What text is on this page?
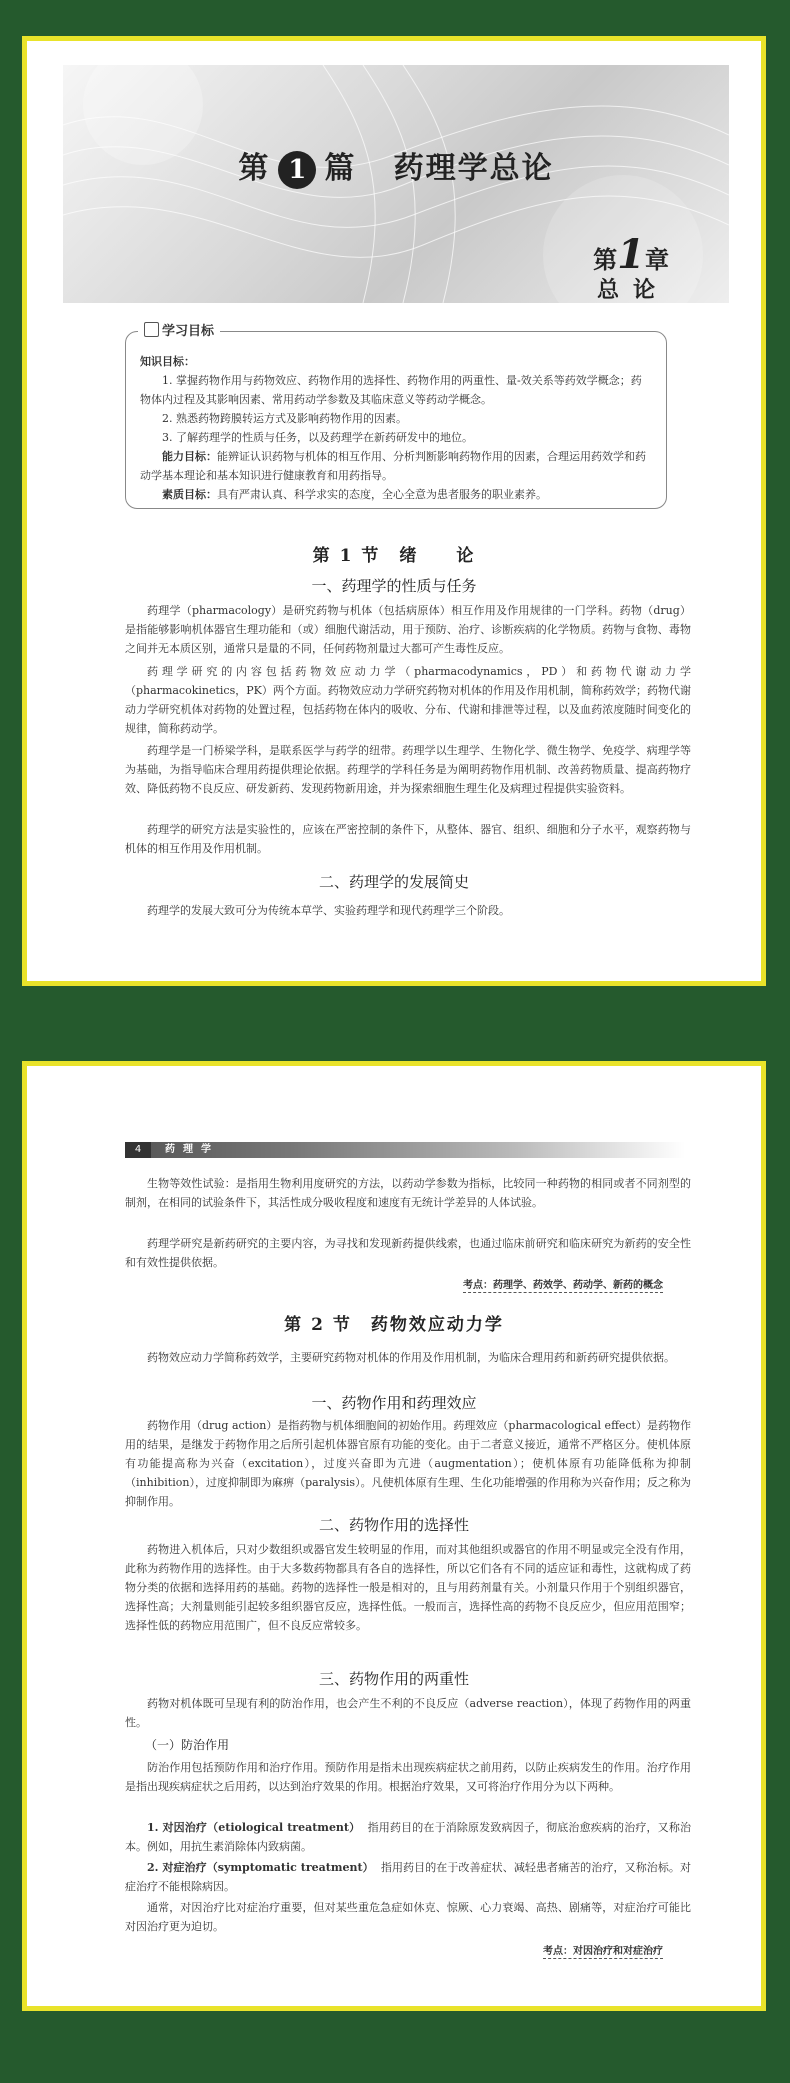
第 1 篇 药理学总论
第1章
总论
学习目标

知识目标：

1. 掌握药物作用与药物效应、药物作用的选择性、药物作用的两重性、量-效关系等药效学概念；药物体内过程及其影响因素、常用药动学参数及其临床意义等药动学概念。

2. 熟悉药物跨膜转运方式及影响药物作用的因素。

3. 了解药理学的性质与任务，以及药理学在新药研发中的地位。

能力目标：能辨证认识药物与机体的相互作用、分析判断影响药物作用的因素，合理运用药效学和药动学基本理论和基本知识进行健康教育和用药指导。

素质目标：具有严肃认真、科学求实的态度，全心全意为患者服务的职业素养。

第 1 节　绪　　论
一、药理学的性质与任务

药理学（pharmacology）是研究药物与机体（包括病原体）相互作用及作用规律的一门学科。药物（drug）是指能够影响机体器官生理功能和（或）细胞代谢活动，用于预防、治疗、诊断疾病的化学物质。药物与食物、毒物之间并无本质区别，通常只是量的不同，任何药物剂量过大都可产生毒性反应。

药理学研究的内容包括药物效应动力学（pharmacodynamics，PD）和药物代谢动力学（pharmacokinetics，PK）两个方面。药物效应动力学研究药物对机体的作用及作用机制，简称药效学；药物代谢动力学研究机体对药物的处置过程，包括药物在体内的吸收、分布、代谢和排泄等过程，以及血药浓度随时间变化的规律，简称药动学。

药理学是一门桥梁学科，是联系医学与药学的纽带。药理学以生理学、生物化学、微生物学、免疫学、病理学等为基础，为指导临床合理用药提供理论依据。药理学的学科任务是为阐明药物作用机制、改善药物质量、提高药物疗效、降低药物不良反应、研发新药、发现药物新用途，并为探索细胞生理生化及病理过程提供实验资料。

药理学的研究方法是实验性的，应该在严密控制的条件下，从整体、器官、组织、细胞和分子水平，观察药物与机体的相互作用及作用机制。

二、药理学的发展简史

药理学的发展大致可分为传统本草学、实验药理学和现代药理学三个阶段。

4	药理学

生物等效性试验：是指用生物利用度研究的方法，以药动学参数为指标，比较同一种药物的相同或者不同剂型的制剂，在相同的试验条件下，其活性成分吸收程度和速度有无统计学差异的人体试验。

药理学研究是新药研究的主要内容，为寻找和发现新药提供线索，也通过临床前研究和临床研究为新药的安全性和有效性提供依据。

考点：药理学、药效学、药动学、新药的概念
第 2 节　药物效应动力学

药物效应动力学简称药效学，主要研究药物对机体的作用及作用机制，为临床合理用药和新药研究提供依据。

一、药物作用和药理效应

药物作用（drug action）是指药物与机体细胞间的初始作用。药理效应（pharmacological effect）是药物作用的结果，是继发于药物作用之后所引起机体器官原有功能的变化。由于二者意义接近，通常不严格区分。使机体原有功能提高称为兴奋（excitation），过度兴奋即为亢进（augmentation）；使机体原有功能降低称为抑制（inhibition），过度抑制即为麻痹（paralysis）。凡使机体原有生理、生化功能增强的作用称为兴奋作用；反之称为抑制作用。

二、药物作用的选择性

药物进入机体后，只对少数组织或器官发生较明显的作用，而对其他组织或器官的作用不明显或完全没有作用，此称为药物作用的选择性。由于大多数药物都具有各自的选择性，所以它们各有不同的适应证和毒性，这就构成了药物分类的依据和选择用药的基础。药物的选择性一般是相对的，且与用药剂量有关。小剂量只作用于个别组织器官，选择性高；大剂量则能引起较多组织器官反应，选择性低。一般而言，选择性高的药物不良反应少，但应用范围窄；选择性低的药物应用范围广，但不良反应常较多。

三、药物作用的两重性

药物对机体既可呈现有利的防治作用，也会产生不利的不良反应（adverse reaction），体现了药物作用的两重性。

（一）防治作用

防治作用包括预防作用和治疗作用。预防作用是指未出现疾病症状之前用药，以防止疾病发生的作用。治疗作用是指出现疾病症状之后用药，以达到治疗效果的作用。根据治疗效果，又可将治疗作用分为以下两种。

1. 对因治疗（etiological treatment） 指用药目的在于消除原发致病因子，彻底治愈疾病的治疗，又称治本。例如，用抗生素消除体内致病菌。

2. 对症治疗（symptomatic treatment） 指用药目的在于改善症状、减轻患者痛苦的治疗，又称治标。对症治疗不能根除病因。

通常，对因治疗比对症治疗重要，但对某些重危急症如休克、惊厥、心力衰竭、高热、剧痛等，对症治疗可能比对因治疗更为迫切。

考点：对因治疗和对症治疗
